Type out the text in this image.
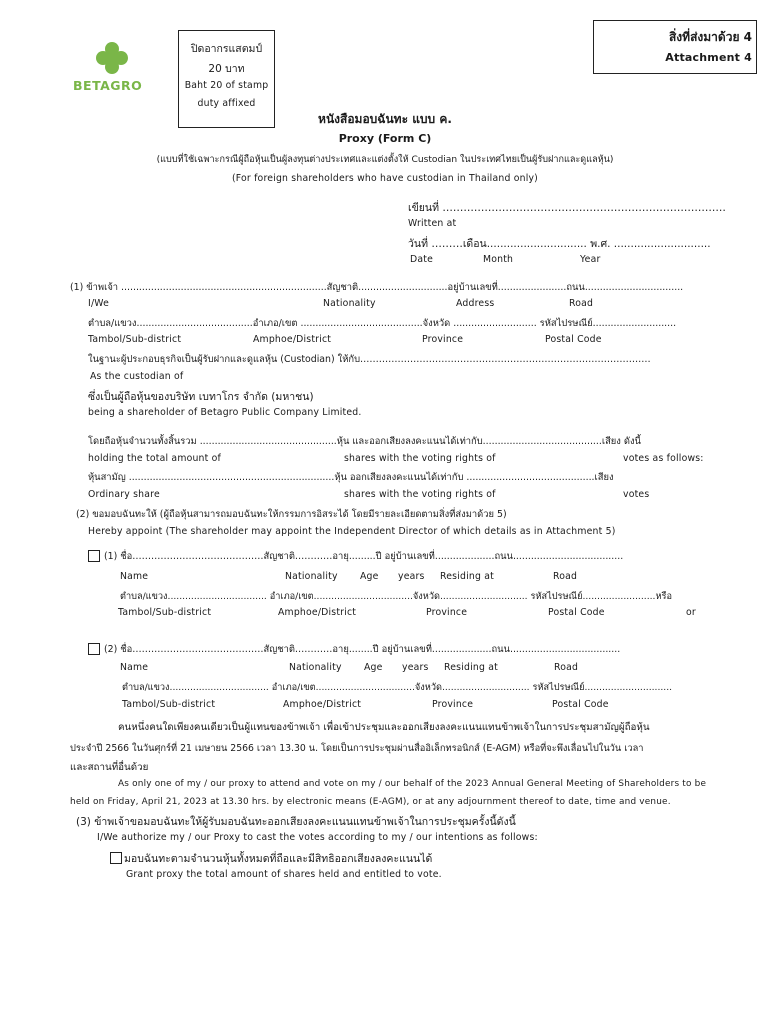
สิ่งที่ส่งมาด้วย 4
Attachment 4
BETAGRO
ปิดอากรแสตมป์
20 บาท
Baht 20 of stamp
duty affixed
หนังสือมอบฉันทะ แบบ ค.
Proxy (Form C)
(แบบที่ใช้เฉพาะกรณีผู้ถือหุ้นเป็นผู้ลงทุนต่างประเทศและแต่งตั้งให้ Custodian ในประเทศไทยเป็นผู้รับฝากและดูแลหุ้น)
(For foreign shareholders who have custodian in Thailand only)
เขียนที่ ………………………………………………………………………
Written at
วันที่ ………เดือน.............................. พ.ศ. .............................
Date	Month	Year
(1) ข้าพเจ้า .....................................................................สัญชาติ..............................อยู่บ้านเลขที่.......................ถนน.................................
I/We	Nationality	Address	Road
ตำบล/แขวง.......................................อำเภอ/เขต .........................................จังหวัด ............................ รหัสไปรษณีย์............................
Tambol/Sub-district	Amphoe/District	Province	Postal Code
ในฐานะผู้ประกอบธุรกิจเป็นผู้รับฝากและดูแลหุ้น (Custodian) ให้กับ…………………………………………………………………………………
As the custodian of
ซึ่งเป็นผู้ถือหุ้นของบริษัท เบทาโกร จำกัด (มหาชน)
being a shareholder of Betagro Public Company Limited.
โดยถือหุ้นจำนวนทั้งสิ้นรวม ..............................................หุ้น และออกเสียงลงคะแนนได้เท่ากับ........................................เสียง ดังนี้
holding the total amount of	shares with the voting rights of	votes as follows:
หุ้นสามัญ .....................................................................หุ้น ออกเสียงลงคะแนนได้เท่ากับ ...........................................เสียง
Ordinary share	shares with the voting rights of	votes
(2) ขอมอบฉันทะให้ (ผู้ถือหุ้นสามารถมอบฉันทะให้กรรมการอิสระได้ โดยมีรายละเอียดตามสิ่งที่ส่งมาด้วย 5)
Hereby appoint (The shareholder may appoint the Independent Director of which details as in Attachment 5)
(1) ชื่อ……………………………………สัญชาติ…………อายุ.........ปี อยู่บ้านเลขที่....................ถนน.....................................
Name	Nationality Age years Residing at	Road
ตำบล/แขวง.................................. อำเภอ/เขต..................................จังหวัด.............................. รหัสไปรษณีย์.........................หรือ
Tambol/Sub-district	Amphoe/District	Province	Postal Code	or
(2) ชื่อ……………………………………สัญชาติ…………อายุ........ปี อยู่บ้านเลขที่....................ถนน.....................................
Name	Nationality Age years Residing at	Road
ตำบล/แขวง.................................. อำเภอ/เขต..................................จังหวัด.............................. รหัสไปรษณีย์..............................
Tambol/Sub-district	Amphoe/District	Province	Postal Code
คนหนึ่งคนใดเพียงคนเดียวเป็นผู้แทนของข้าพเจ้า เพื่อเข้าประชุมและออกเสียงลงคะแนนแทนข้าพเจ้าในการประชุมสามัญผู้ถือหุ้น
ประจำปี 2566 ในวันศุกร์ที่ 21 เมษายน 2566 เวลา 13.30 น. โดยเป็นการประชุมผ่านสื่ออิเล็กทรอนิกส์ (E-AGM) หรือที่จะพึงเลื่อนไปในวัน เวลา
และสถานที่อื่นด้วย
As only one of my / our proxy to attend and vote on my / our behalf of the 2023 Annual General Meeting of Shareholders to be
held on Friday, April 21, 2023 at 13.30 hrs. by electronic means (E-AGM), or at any adjournment thereof to date, time and venue.
(3) ข้าพเจ้าขอมอบฉันทะให้ผู้รับมอบฉันทะออกเสียงลงคะแนนแทนข้าพเจ้าในการประชุมครั้งนี้ดังนี้
I/We authorize my / our Proxy to cast the votes according to my / our intentions as follows:
มอบฉันทะตามจำนวนหุ้นทั้งหมดที่ถือและมีสิทธิออกเสียงลงคะแนนได้
Grant proxy the total amount of shares held and entitled to vote.
